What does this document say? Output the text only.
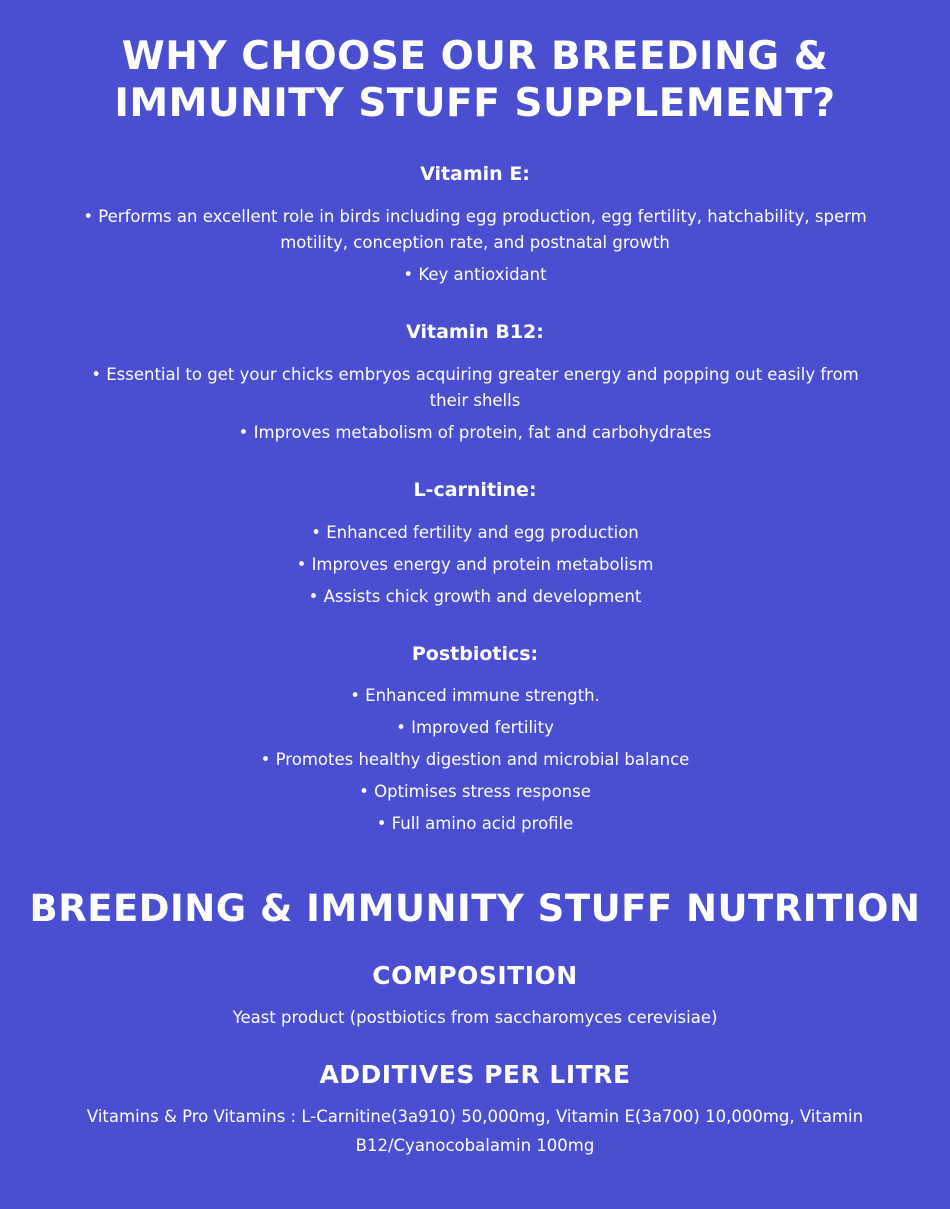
WHY CHOOSE OUR BREEDING & IMMUNITY STUFF SUPPLEMENT?
Vitamin E:

• Performs an excellent role in birds including egg production, egg fertility, hatchability, sperm motility, conception rate, and postnatal growth

• Key antioxidant

Vitamin B12:

• Essential to get your chicks embryos acquiring greater energy and popping out easily from their shells

• Improves metabolism of protein, fat and carbohydrates

L-carnitine:

• Enhanced fertility and egg production

• Improves energy and protein metabolism

• Assists chick growth and development

Postbiotics:

• Enhanced immune strength.

• Improved fertility

• Promotes healthy digestion and microbial balance

• Optimises stress response

• Full amino acid profile

BREEDING & IMMUNITY STUFF NUTRITION
COMPOSITION

Yeast product (postbiotics from saccharomyces cerevisiae)

ADDITIVES PER LITRE

Vitamins & Pro Vitamins : L-Carnitine(3a910) 50,000mg, Vitamin E(3a700) 10,000mg, Vitamin B12/Cyanocobalamin 100mg
